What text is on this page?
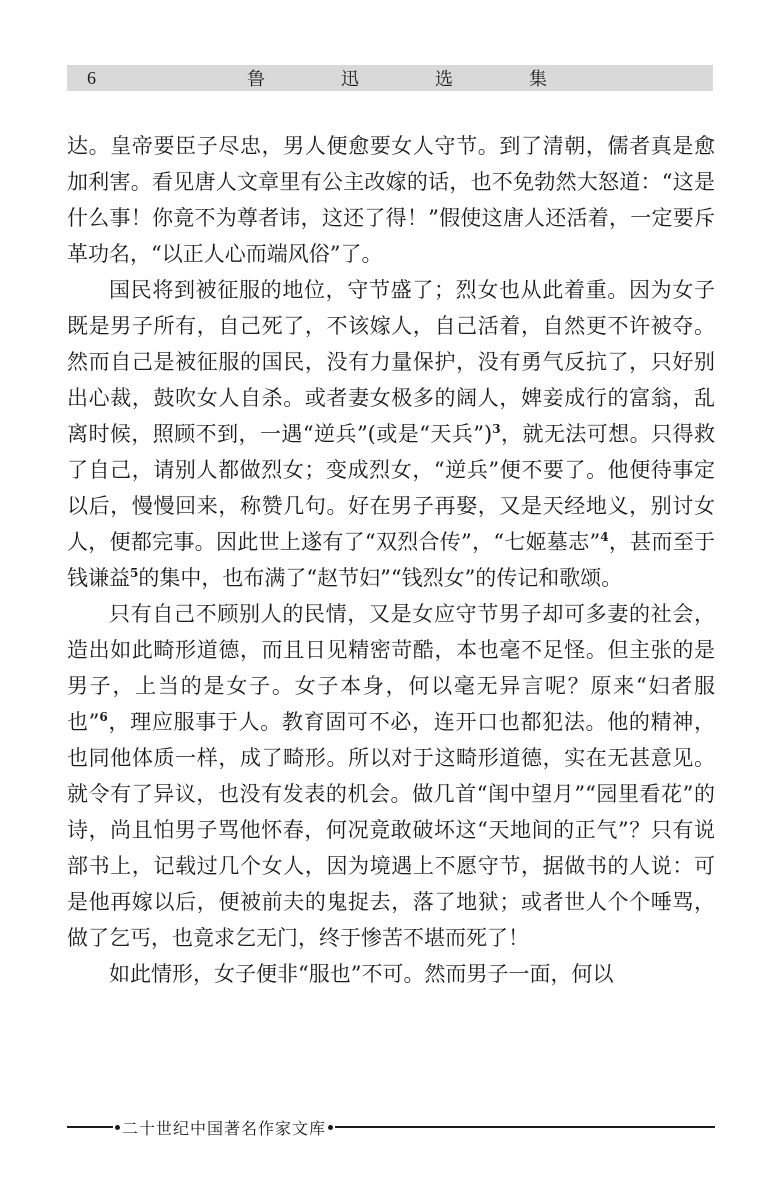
6	鲁	迅	选	集

达。皇帝要臣子尽忠，男人便愈要女人守节。到了清朝，儒者真是愈加利害。看见唐人文章里有公主改嫁的话，也不免勃然大怒道：“这是什么事！你竟不为尊者讳，这还了得！”假使这唐人还活着，一定要斥革功名，“以正人心而端风俗”了。

国民将到被征服的地位，守节盛了；烈女也从此着重。因为女子既是男子所有，自己死了，不该嫁人，自己活着，自然更不许被夺。然而自己是被征服的国民，没有力量保护，没有勇气反抗了，只好别出心裁，鼓吹女人自杀。或者妻女极多的阔人，婢妾成行的富翁，乱离时候，照顾不到，一遇“逆兵”(或是“天兵”)$^3$，就无法可想。只得救了自己，请别人都做烈女；变成烈女，“逆兵”便不要了。他便待事定以后，慢慢回来，称赞几句。好在男子再娶，又是天经地义，别讨女人，便都完事。因此世上遂有了“双烈合传”，“七姬墓志”$^4$，甚而至于钱谦益$^5$的集中，也布满了“赵节妇”“钱烈女”的传记和歌颂。

只有自己不顾别人的民情，又是女应守节男子却可多妻的社会，造出如此畸形道德，而且日见精密苛酷，本也毫不足怪。但主张的是男子，上当的是女子。女子本身，何以毫无异言呢？原来“妇者服也”$^6$，理应服事于人。教育固可不必，连开口也都犯法。他的精神，也同他体质一样，成了畸形。所以对于这畸形道德，实在无甚意见。就令有了异议，也没有发表的机会。做几首“闺中望月”“园里看花”的诗，尚且怕男子骂他怀春，何况竟敢破坏这“天地间的正气”？只有说部书上，记载过几个女人，因为境遇上不愿守节，据做书的人说：可是他再嫁以后，便被前夫的鬼捉去，落了地狱；或者世人个个唾骂，做了乞丐，也竟求乞无门，终于惨苦不堪而死了！

如此情形，女子便非“服也”不可。然而男子一面，何以

二十世纪中国著名作家文库
